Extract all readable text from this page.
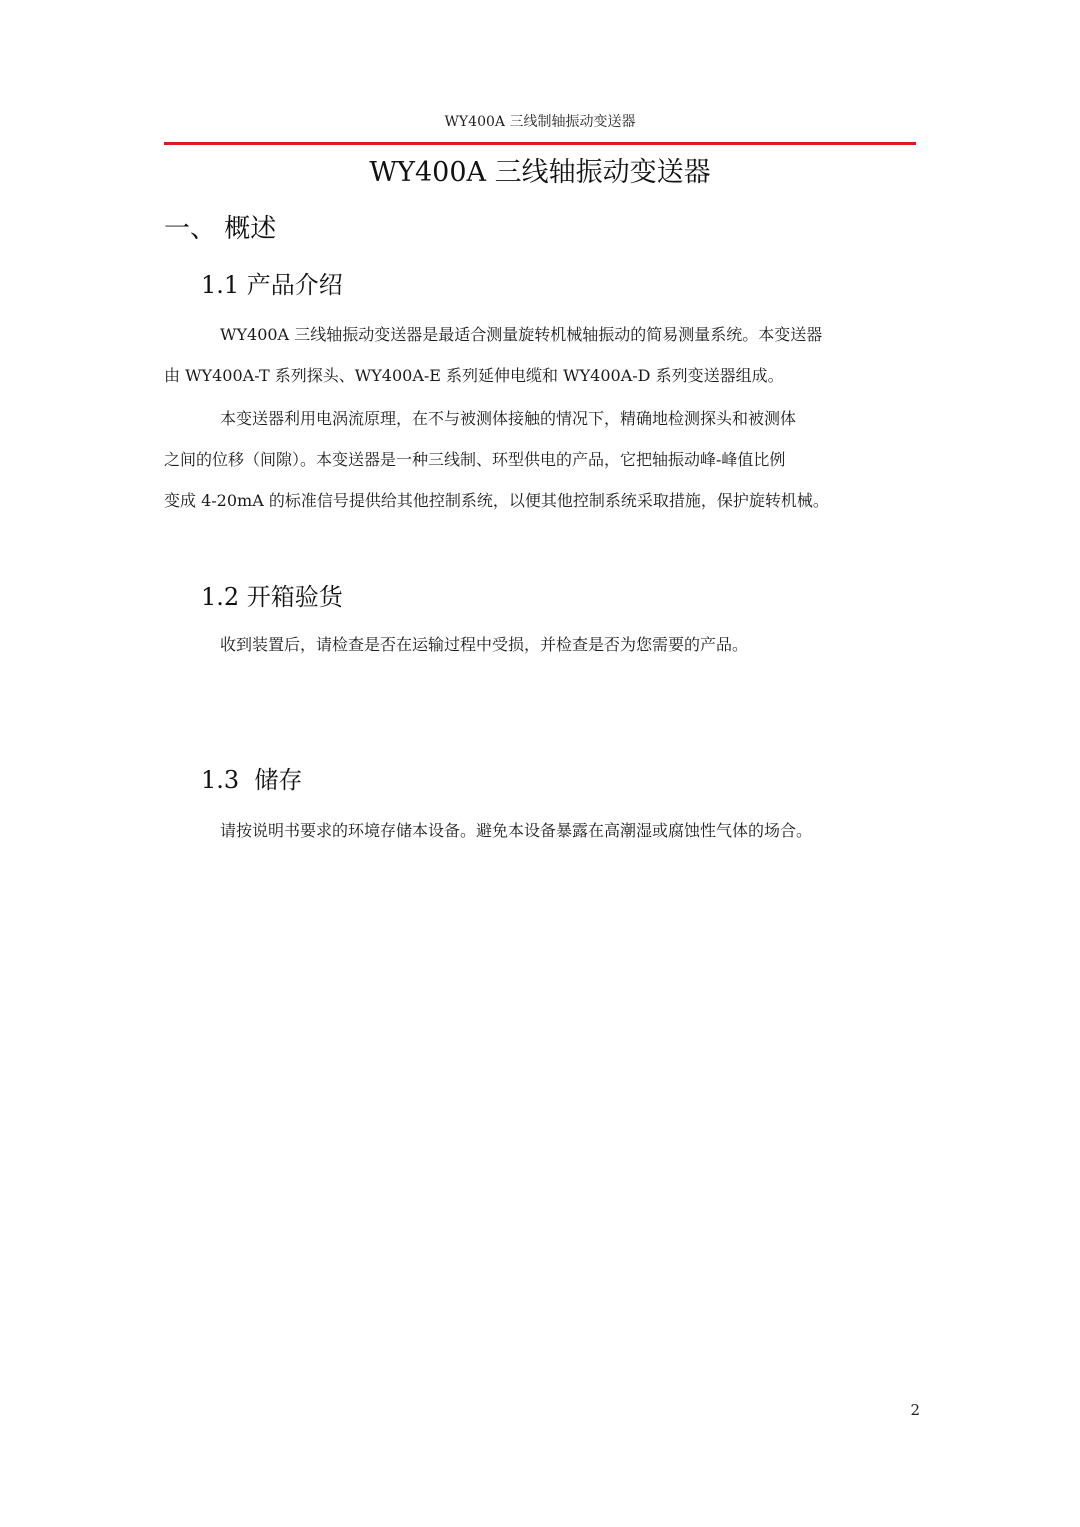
WY400A 三线制轴振动变送器
WY400A 三线轴振动变送器
一、 概述
1.1 产品介绍
WY400A 三线轴振动变送器是最适合测量旋转机械轴振动的简易测量系统。本变送器
由 WY400A-T 系列探头、WY400A-E 系列延伸电缆和 WY400A-D 系列变送器组成。
本变送器利用电涡流原理，在不与被测体接触的情况下，精确地检测探头和被测体
之间的位移（间隙）。本变送器是一种三线制、环型供电的产品，它把轴振动峰-峰值比例
变成 4-20mA 的标准信号提供给其他控制系统，以便其他控制系统采取措施，保护旋转机械。
1.2 开箱验货
收到装置后，请检查是否在运输过程中受损，并检查是否为您需要的产品。
1.3  储存
请按说明书要求的环境存储本设备。避免本设备暴露在高潮湿或腐蚀性气体的场合。
2
